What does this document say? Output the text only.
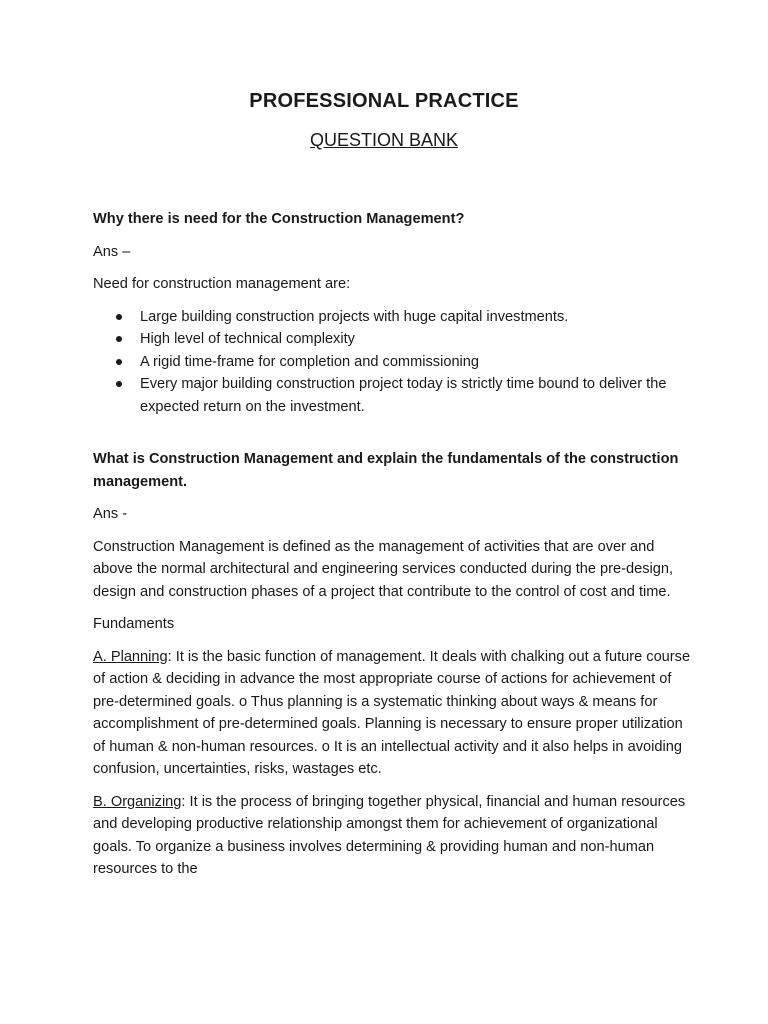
PROFESSIONAL PRACTICE
QUESTION BANK

Why there is need for the Construction Management?

Ans –

Need for construction management are:

Large building construction projects with huge capital investments.
High level of technical complexity
A rigid time-frame for completion and commissioning
Every major building construction project today is strictly time bound to deliver the expected return on the investment.

What is Construction Management and explain the fundamentals of the construction management.

Ans -

Construction Management is defined as the management of activities that are over and above the normal architectural and engineering services conducted during the pre-design, design and construction phases of a project that contribute to the control of cost and time.

Fundaments

A. Planning: It is the basic function of management. It deals with chalking out a future course of action & deciding in advance the most appropriate course of actions for achievement of pre-determined goals. o Thus planning is a systematic thinking about ways & means for accomplishment of pre-determined goals. Planning is necessary to ensure proper utilization of human & non-human resources. o It is an intellectual activity and it also helps in avoiding confusion, uncertainties, risks, wastages etc.

B. Organizing: It is the process of bringing together physical, financial and human resources and developing productive relationship amongst them for achievement of organizational goals. To organize a business involves determining & providing human and non-human resources to the
